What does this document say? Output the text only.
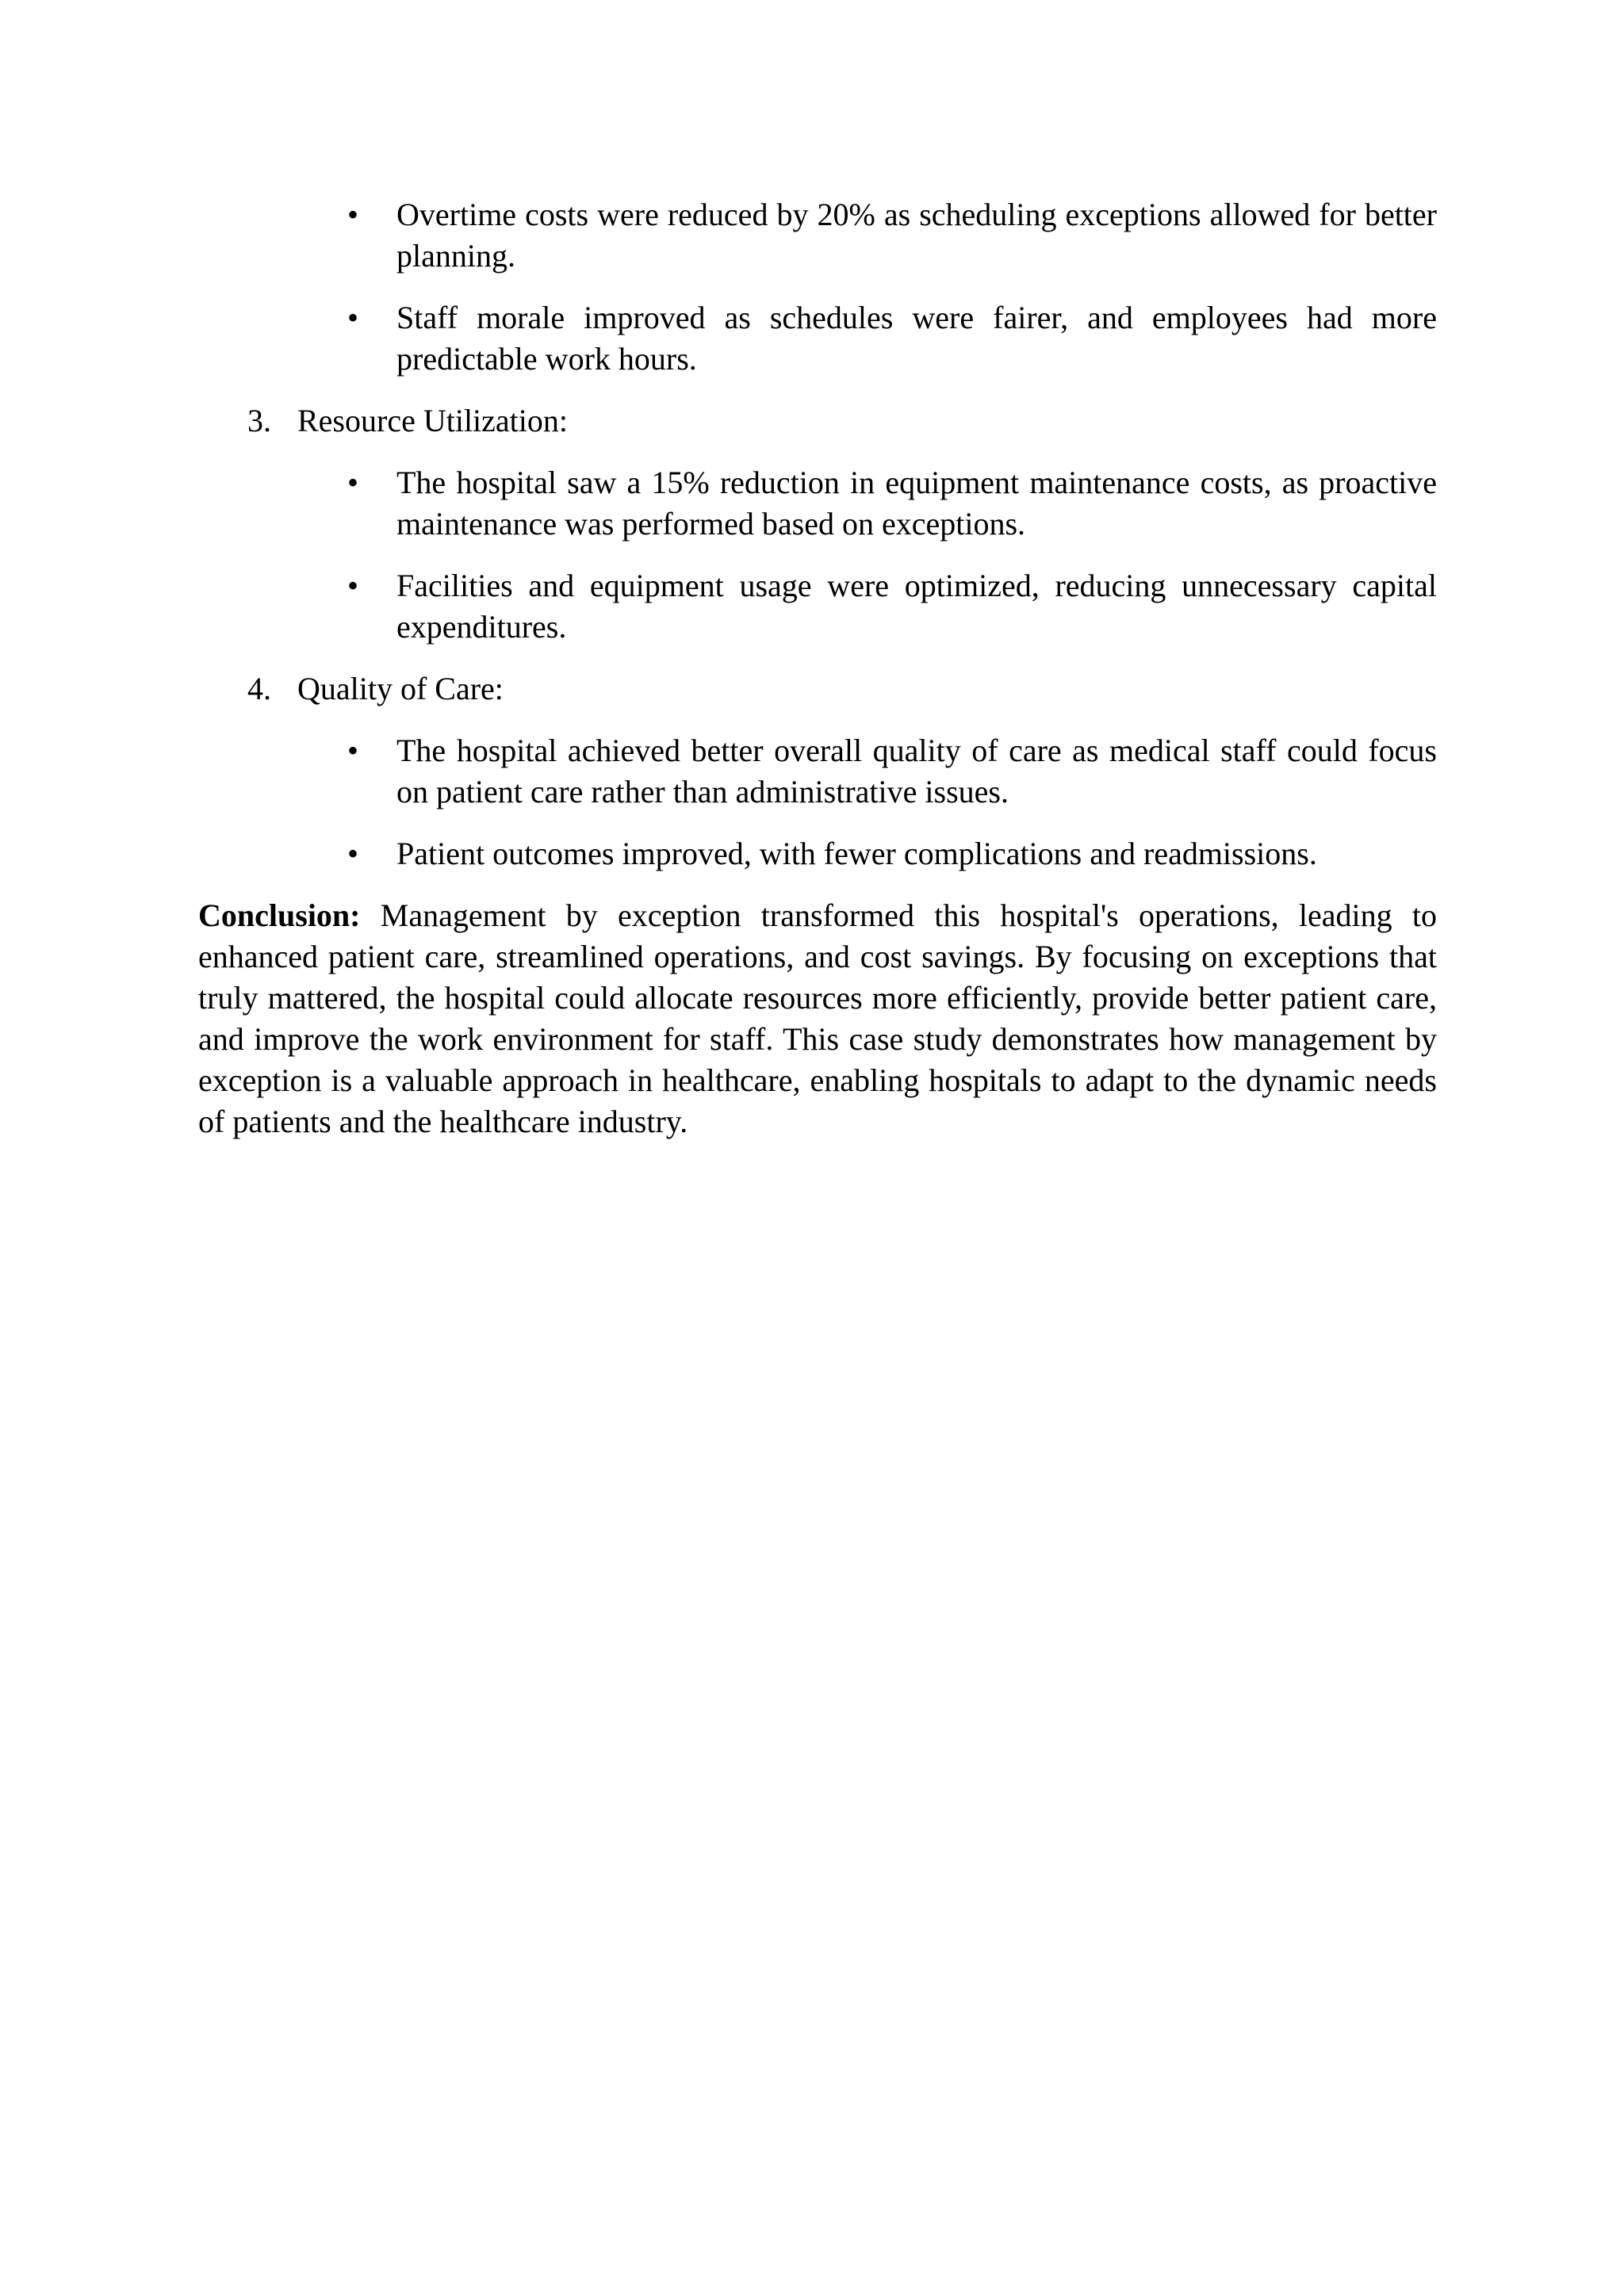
• Overtime costs were reduced by 20% as scheduling exceptions allowed for better planning.
• Staff morale improved as schedules were fairer, and employees had more predictable work hours.
3. Resource Utilization:
• The hospital saw a 15% reduction in equipment maintenance costs, as proactive maintenance was performed based on exceptions.
• Facilities and equipment usage were optimized, reducing unnecessary capital expenditures.
4. Quality of Care:
• The hospital achieved better overall quality of care as medical staff could focus on patient care rather than administrative issues.
• Patient outcomes improved, with fewer complications and readmissions.

Conclusion: Management by exception transformed this hospital's operations, leading to enhanced patient care, streamlined operations, and cost savings. By focusing on exceptions that truly mattered, the hospital could allocate resources more efficiently, provide better patient care, and improve the work environment for staff. This case study demonstrates how management by exception is a valuable approach in healthcare, enabling hospitals to adapt to the dynamic needs of patients and the healthcare industry.
